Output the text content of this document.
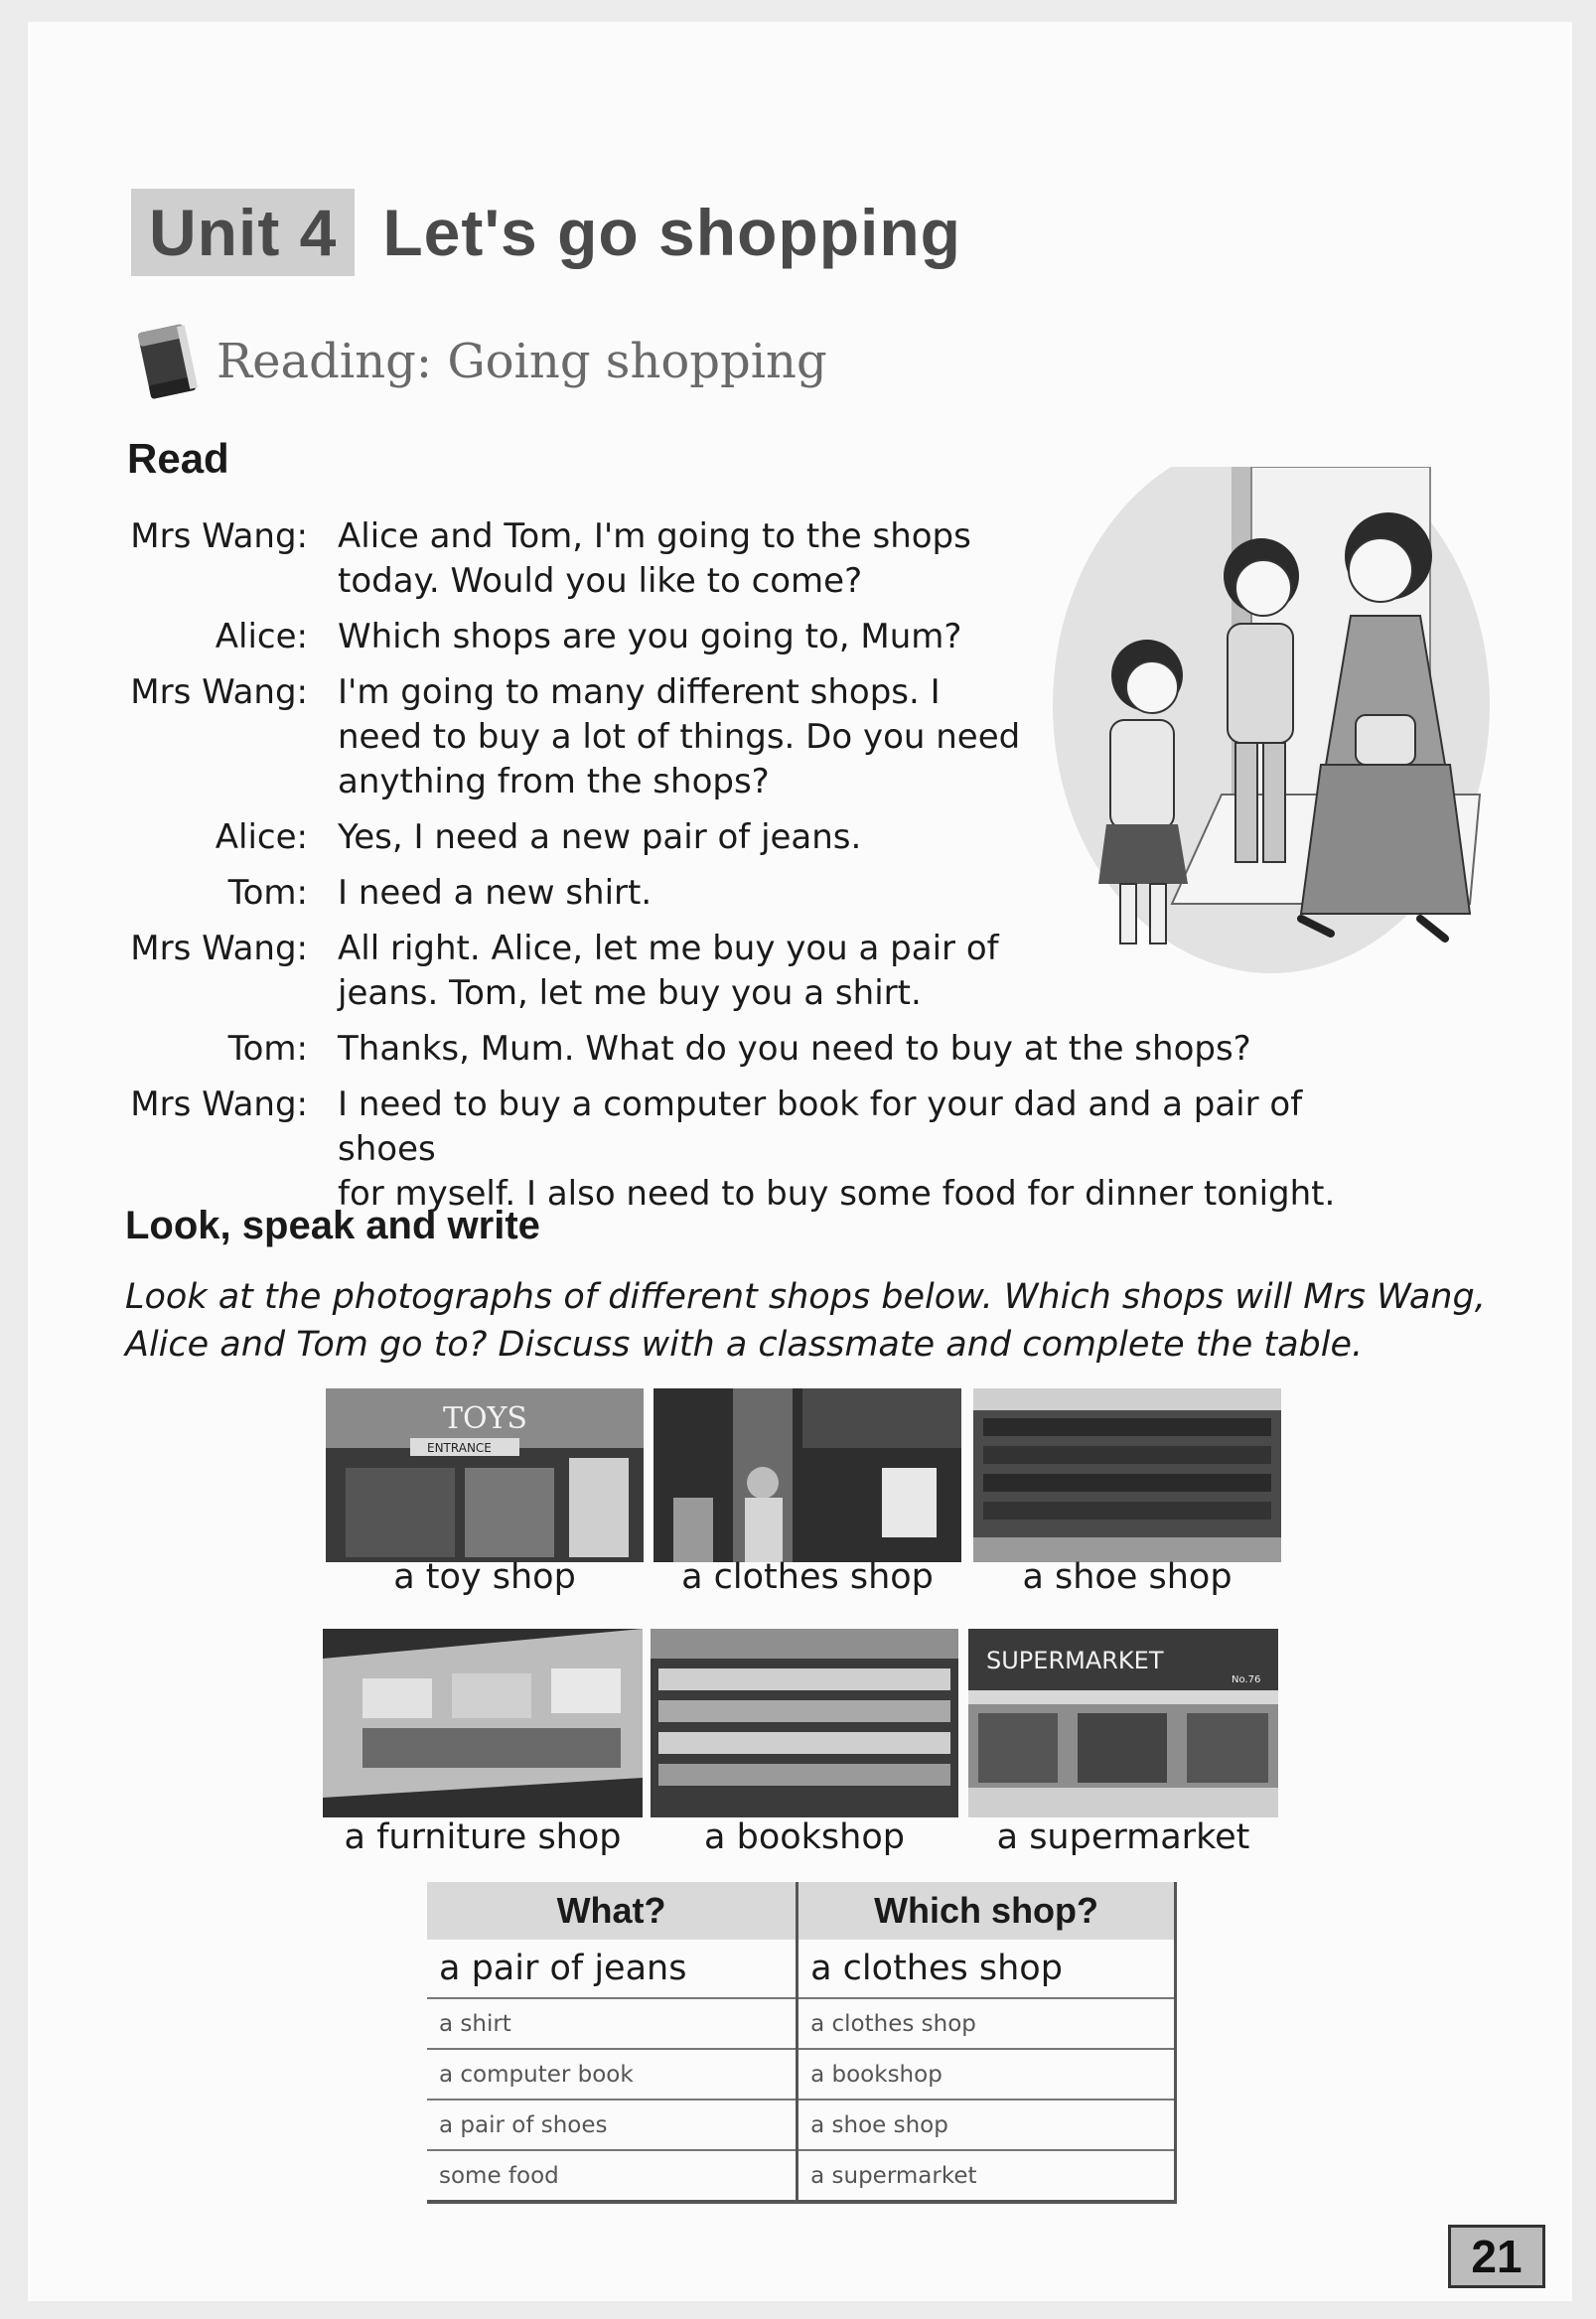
Unit 4 Let's go shopping
Reading: Going shopping
Read
Mrs Wang: Alice and Tom, I'm going to the shops
today. Would you like to come?
Alice: Which shops are you going to, Mum?
Mrs Wang: I'm going to many different shops. I
need to buy a lot of things. Do you need
anything from the shops?
Alice: Yes, I need a new pair of jeans.
Tom: I need a new shirt.
Mrs Wang: All right. Alice, let me buy you a pair of
jeans. Tom, let me buy you a shirt.
Tom: Thanks, Mum. What do you need to buy at the shops?
Mrs Wang: I need to buy a computer book for your dad and a pair of shoes
for myself. I also need to buy some food for dinner tonight.
Look, speak and write
Look at the photographs of different shops below. Which shops will Mrs Wang, Alice and Tom go to? Discuss with a classmate and complete the table.
TOYS
ENTRANCE
a toy shop	a clothes shop	a shoe shop
a furniture shop	a bookshop
SUPERMARKET
No.76
a supermarket
What?	Which shop?
a pair of jeans	a clothes shop
a shirt	a clothes shop
a computer book	a bookshop
a pair of shoes	a shoe shop
some food	a supermarket
21
